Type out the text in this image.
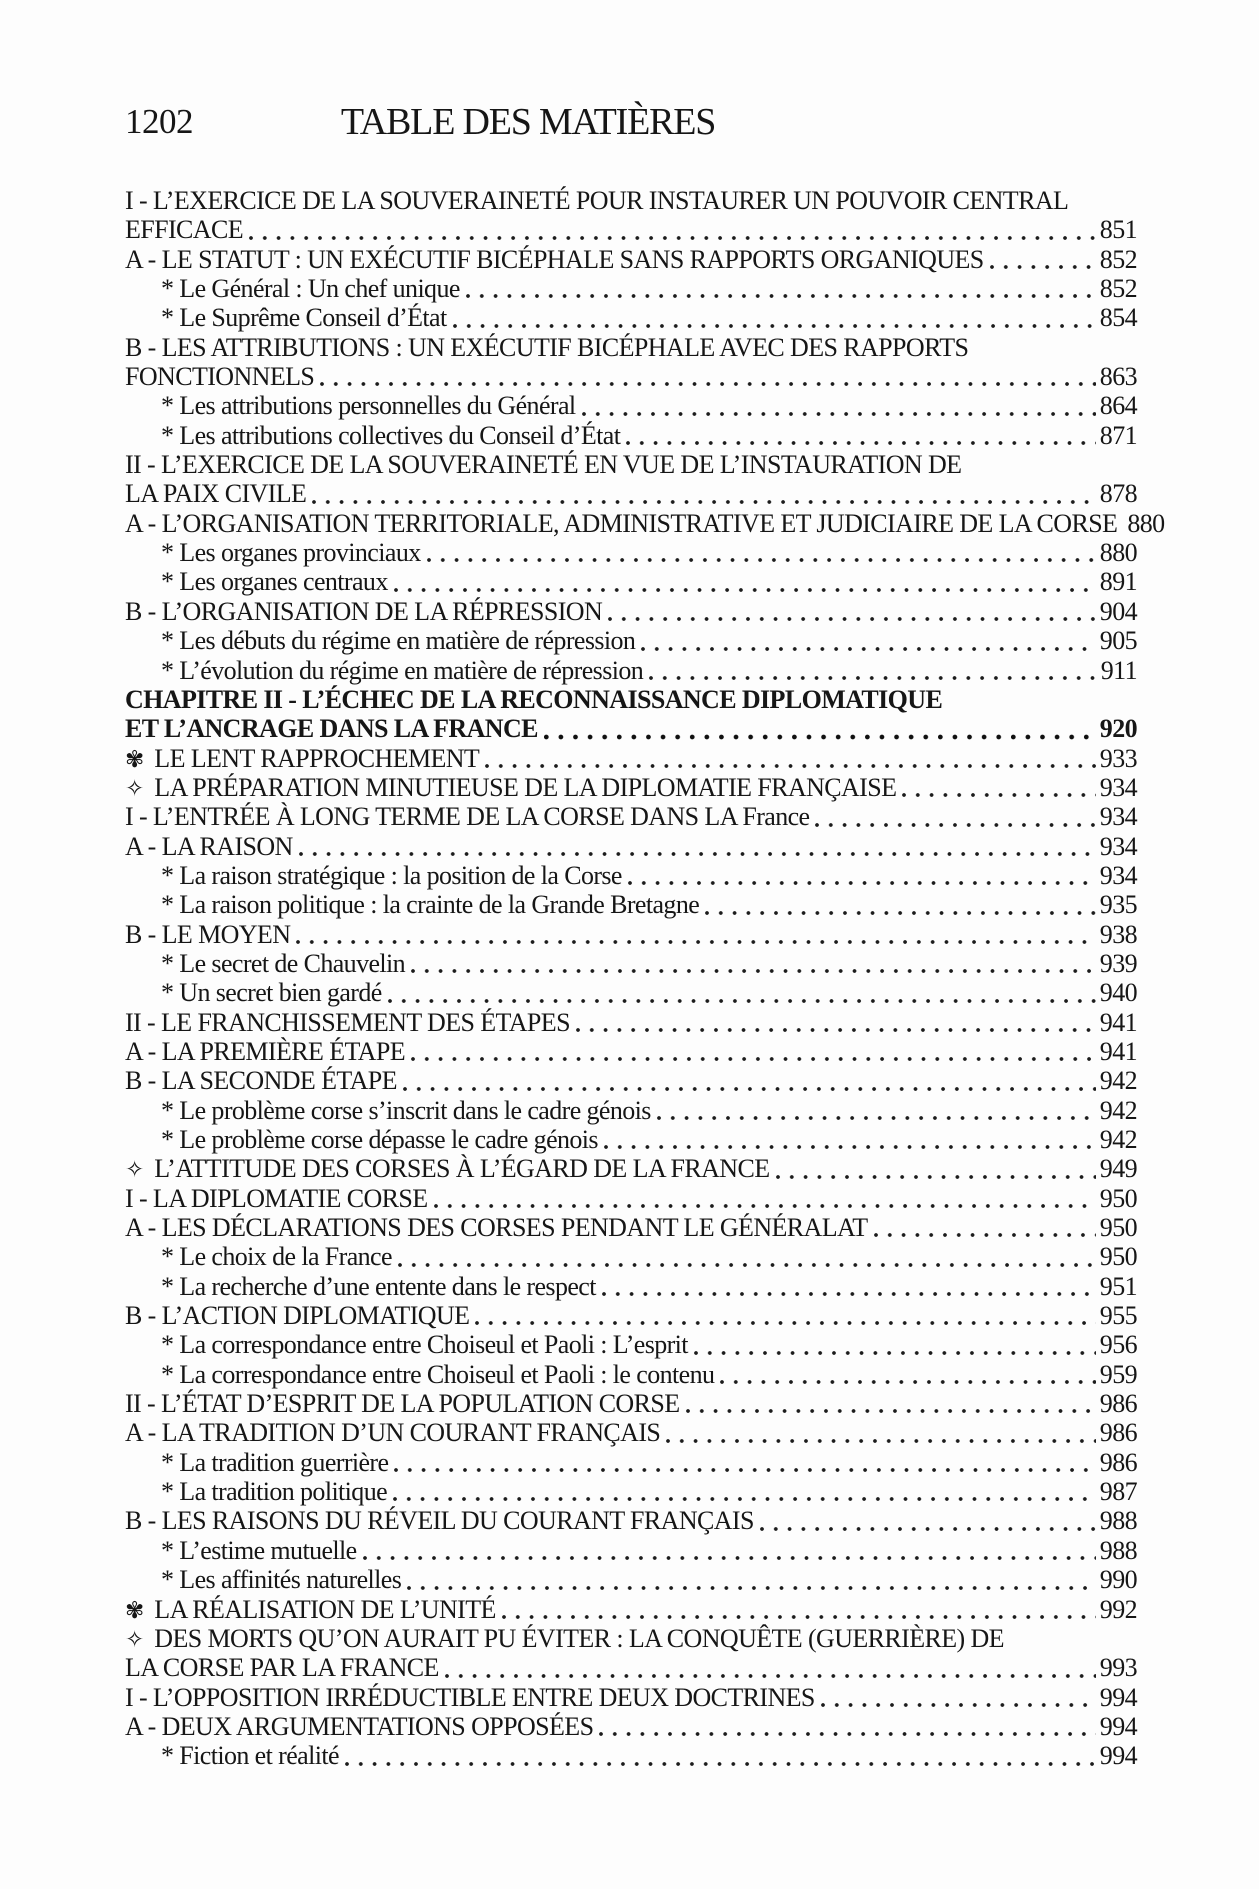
1202	TABLE DES MATIÈRES
I - L’EXERCICE DE LA SOUVERAINETÉ POUR INSTAURER UN POUVOIR CENTRAL
EFFICACE	851
A - LE STATUT : UN EXÉCUTIF BICÉPHALE SANS RAPPORTS ORGANIQUES	852
* Le Général : Un chef unique	852
* Le Suprême Conseil d’État	854
B - LES ATTRIBUTIONS : UN EXÉCUTIF BICÉPHALE AVEC DES RAPPORTS
FONCTIONNELS	863
* Les attributions personnelles du Général	864
* Les attributions collectives du Conseil d’État	871
II - L’EXERCICE DE LA SOUVERAINETÉ EN VUE DE L’INSTAURATION DE
LA PAIX CIVILE	878
A - L’ORGANISATION TERRITORIALE, ADMINISTRATIVE ET JUDICIAIRE DE LA CORSE 880
* Les organes provinciaux	880
* Les organes centraux	891
B - L’ORGANISATION DE LA RÉPRESSION	904
* Les débuts du régime en matière de répression	905
* L’évolution du régime en matière de répression	911
CHAPITRE II - L’ÉCHEC DE LA RECONNAISSANCE DIPLOMATIQUE
ET L’ANCRAGE DANS LA FRANCE	920
✾ LE LENT RAPPROCHEMENT	933
✧ LA PRÉPARATION MINUTIEUSE DE LA DIPLOMATIE FRANÇAISE	934
I - L’ENTRÉE À LONG TERME DE LA CORSE DANS LA France	934
A - LA RAISON	934
* La raison stratégique : la position de la Corse	934
* La raison politique : la crainte de la Grande Bretagne	935
B - LE MOYEN	938
* Le secret de Chauvelin	939
* Un secret bien gardé	940
II - LE FRANCHISSEMENT DES ÉTAPES	941
A - LA PREMIÈRE ÉTAPE	941
B - LA SECONDE ÉTAPE	942
* Le problème corse s’inscrit dans le cadre génois	942
* Le problème corse dépasse le cadre génois	942
✧ L’ATTITUDE DES CORSES À L’ÉGARD DE LA FRANCE	949
I - LA DIPLOMATIE CORSE	950
A - LES DÉCLARATIONS DES CORSES PENDANT LE GÉNÉRALAT	950
* Le choix de la France	950
* La recherche d’une entente dans le respect	951
B - L’ACTION DIPLOMATIQUE	955
* La correspondance entre Choiseul et Paoli : L’esprit	956
* La correspondance entre Choiseul et Paoli : le contenu	959
II - L’ÉTAT D’ESPRIT DE LA POPULATION CORSE	986
A - LA TRADITION D’UN COURANT FRANÇAIS	986
* La tradition guerrière	986
* La tradition politique	987
B - LES RAISONS DU RÉVEIL DU COURANT FRANÇAIS	988
* L’estime mutuelle	988
* Les affinités naturelles	990
✾ LA RÉALISATION DE L’UNITÉ	992
✧ DES MORTS QU’ON AURAIT PU ÉVITER : LA CONQUÊTE (GUERRIÈRE) DE
LA CORSE PAR LA FRANCE	993
I - L’OPPOSITION IRRÉDUCTIBLE ENTRE DEUX DOCTRINES	994
A - DEUX ARGUMENTATIONS OPPOSÉES	994
* Fiction et réalité	994
